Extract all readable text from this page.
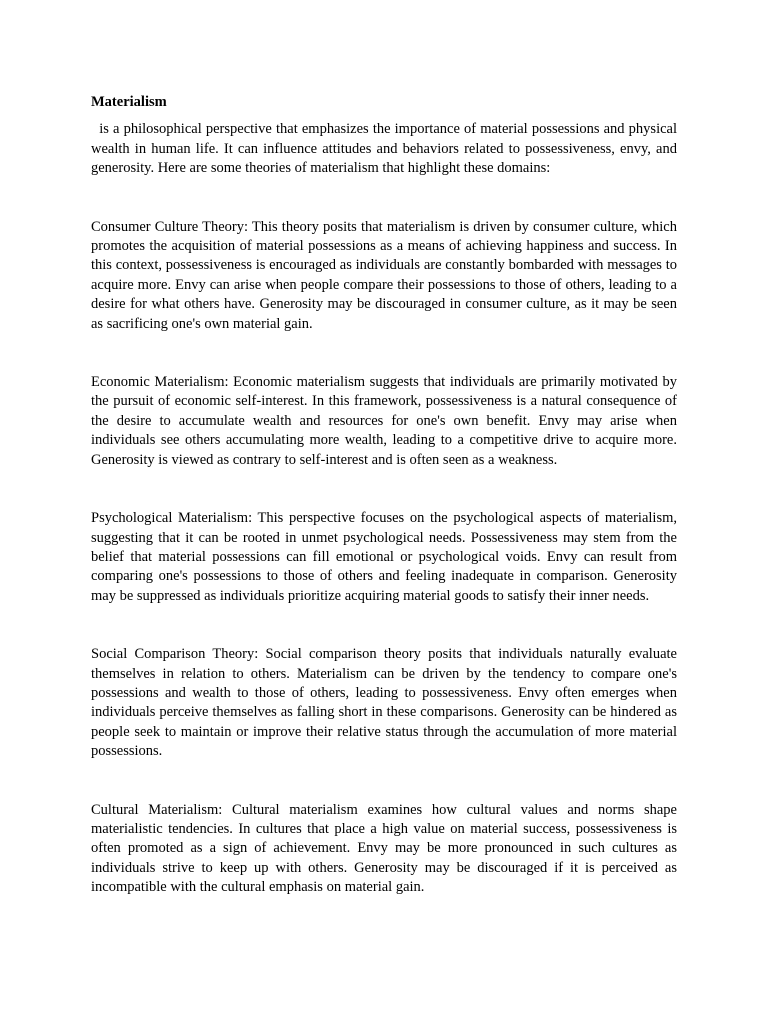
Materialism

is a philosophical perspective that emphasizes the importance of material possessions and physical wealth in human life. It can influence attitudes and behaviors related to possessiveness, envy, and generosity. Here are some theories of materialism that highlight these domains:

Consumer Culture Theory: This theory posits that materialism is driven by consumer culture, which promotes the acquisition of material possessions as a means of achieving happiness and success. In this context, possessiveness is encouraged as individuals are constantly bombarded with messages to acquire more. Envy can arise when people compare their possessions to those of others, leading to a desire for what others have. Generosity may be discouraged in consumer culture, as it may be seen as sacrificing one's own material gain.

Economic Materialism: Economic materialism suggests that individuals are primarily motivated by the pursuit of economic self-interest. In this framework, possessiveness is a natural consequence of the desire to accumulate wealth and resources for one's own benefit. Envy may arise when individuals see others accumulating more wealth, leading to a competitive drive to acquire more. Generosity is viewed as contrary to self-interest and is often seen as a weakness.

Psychological Materialism: This perspective focuses on the psychological aspects of materialism, suggesting that it can be rooted in unmet psychological needs. Possessiveness may stem from the belief that material possessions can fill emotional or psychological voids. Envy can result from comparing one's possessions to those of others and feeling inadequate in comparison. Generosity may be suppressed as individuals prioritize acquiring material goods to satisfy their inner needs.

Social Comparison Theory: Social comparison theory posits that individuals naturally evaluate themselves in relation to others. Materialism can be driven by the tendency to compare one's possessions and wealth to those of others, leading to possessiveness. Envy often emerges when individuals perceive themselves as falling short in these comparisons. Generosity can be hindered as people seek to maintain or improve their relative status through the accumulation of more material possessions.

Cultural Materialism: Cultural materialism examines how cultural values and norms shape materialistic tendencies. In cultures that place a high value on material success, possessiveness is often promoted as a sign of achievement. Envy may be more pronounced in such cultures as individuals strive to keep up with others. Generosity may be discouraged if it is perceived as incompatible with the cultural emphasis on material gain.
